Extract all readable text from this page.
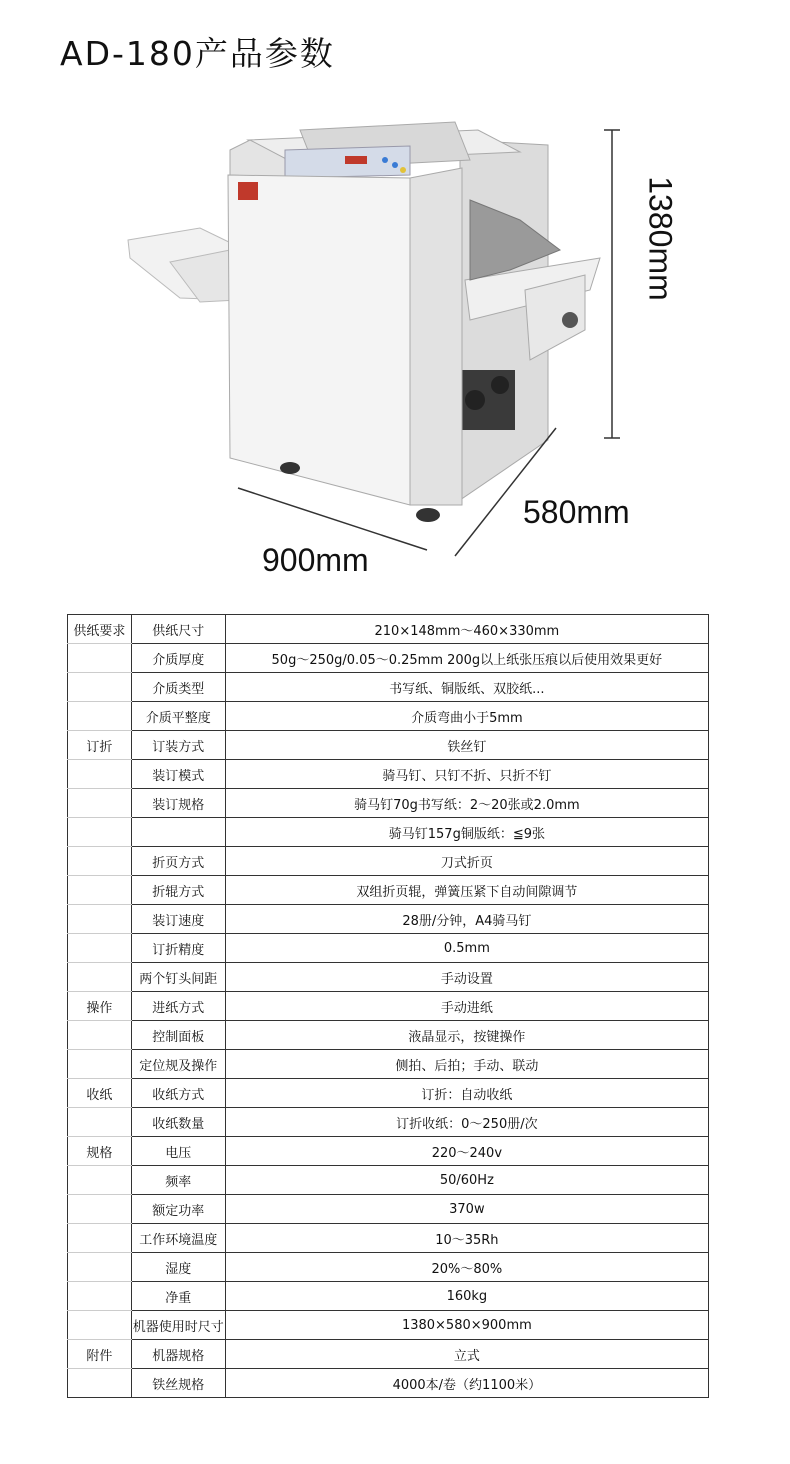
AD-180产品参数
1380mm
580mm
900mm
供纸要求	供纸尺寸	210×148mm～460×330mm
	介质厚度	50g～250g/0.05～0.25mm 200g以上纸张压痕以后使用效果更好
	介质类型	书写纸、铜版纸、双胶纸...
	介质平整度	介质弯曲小于5mm
订折	订装方式	铁丝钉
	装订模式	骑马钉、只钉不折、只折不钉
	装订规格	骑马钉70g书写纸：2～20张或2.0mm
		骑马钉157g铜版纸：≦9张
	折页方式	刀式折页
	折辊方式	双组折页辊，弹簧压紧下自动间隙调节
	装订速度	28册/分钟，A4骑马钉
	订折精度	0.5mm
	两个钉头间距	手动设置
操作	进纸方式	手动进纸
	控制面板	液晶显示，按键操作
	定位规及操作	侧拍、后拍；手动、联动
收纸	收纸方式	订折：自动收纸
	收纸数量	订折收纸：0～250册/次
规格	电压	220～240v
	频率	50/60Hz
	额定功率	370w
	工作环境温度	10～35Rh
	湿度	20%～80%
	净重	160kg
	机器使用时尺寸	1380×580×900mm
附件	机器规格	立式
	铁丝规格	4000本/卷（约1100米）
